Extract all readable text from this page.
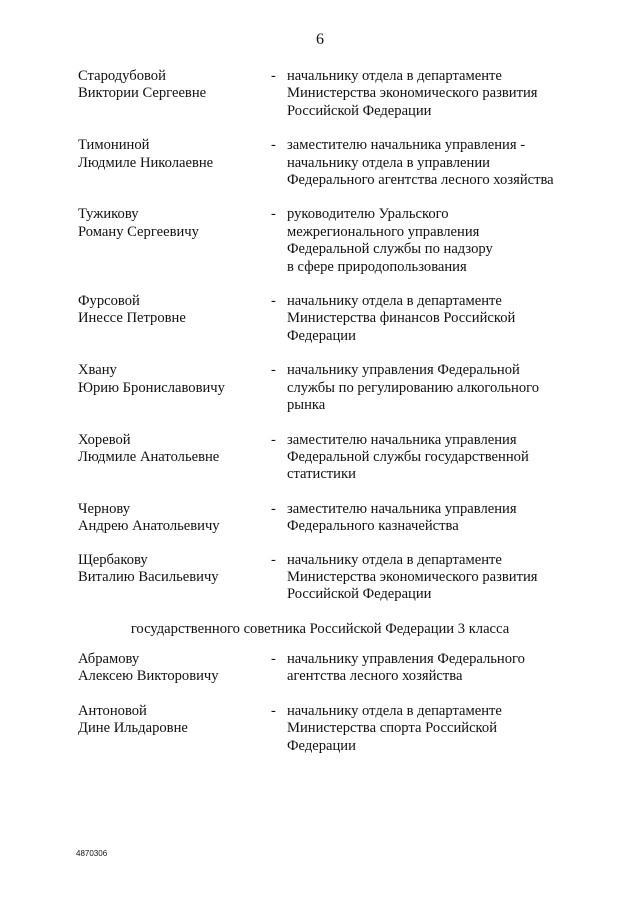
6
Стародубовой
Виктории Сергеевне
- начальнику отдела в департаменте
Министерства экономического развития
Российской Федерации
Тимониной
Людмиле Николаевне
- заместителю начальника управления -
начальнику отдела в управлении
Федерального агентства лесного хозяйства
Тужикову
Роману Сергеевичу
- руководителю Уральского
межрегионального управления
Федеральной службы по надзору
в сфере природопользования
Фурсовой
Инессе Петровне
- начальнику отдела в департаменте
Министерства финансов Российской
Федерации
Хвану
Юрию Брониславовичу
- начальнику управления Федеральной
службы по регулированию алкогольного
рынка
Хоревой
Людмиле Анатольевне
- заместителю начальника управления
Федеральной службы государственной
статистики
Чернову
Андрею Анатольевичу
- заместителю начальника управления
Федерального казначейства
Щербакову
Виталию Васильевичу
- начальнику отдела в департаменте
Министерства экономического развития
Российской Федерации
государственного советника Российской Федерации 3 класса
Абрамову
Алексею Викторовичу
- начальнику управления Федерального
агентства лесного хозяйства
Антоновой
Дине Ильдаровне
- начальнику отдела в департаменте
Министерства спорта Российской
Федерации
4870306
